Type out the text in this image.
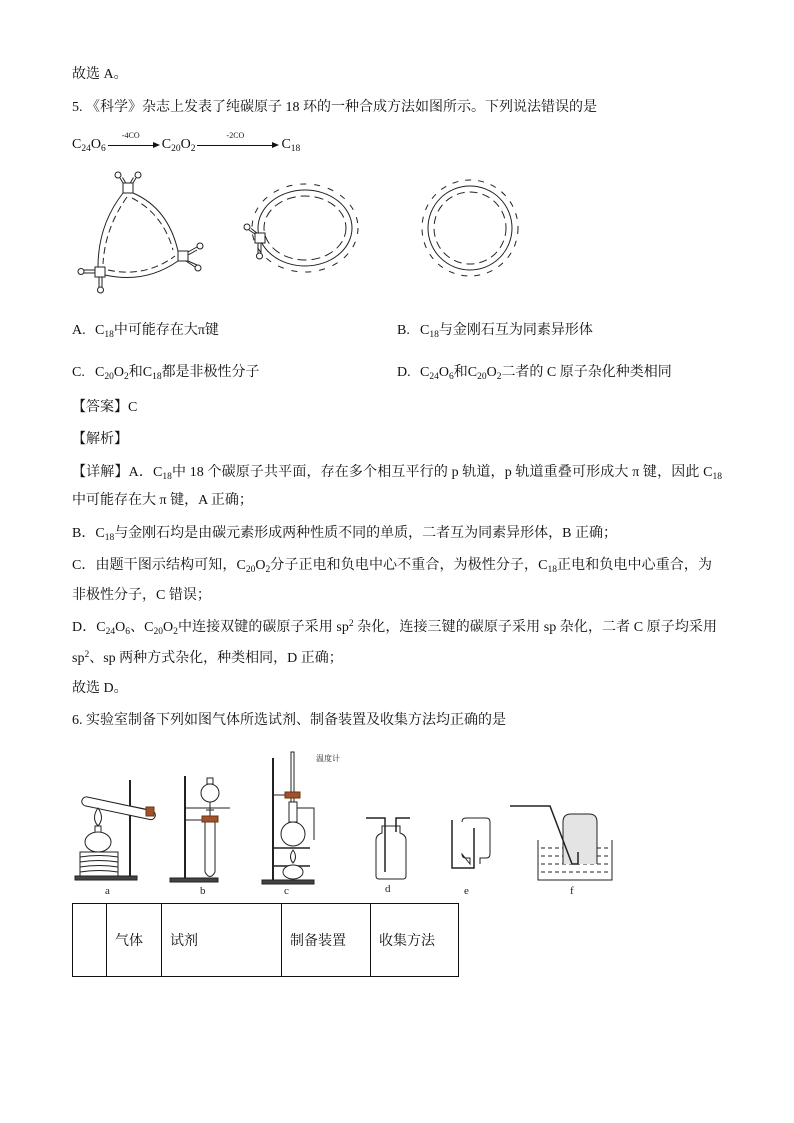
故选 A。
5. 《科学》杂志上发表了纯碳原子 18 环的一种合成方法如图所示。下列说法错误的是
$C_{24}O_6$
-4CO
$C_{20}O_2$
-2CO
$C_{18}$
A. $C_{18}$中可能存在大π键	B. $C_{18}$与金刚石互为同素异形体
C. $C_{20}O_2$和$C_{18}$都是非极性分子	D. $C_{24}O_6$和$C_{20}O_2$二者的 C 原子杂化种类相同
【答案】C
【解析】
【详解】A．$C_{18}$中 18 个碳原子共平面，存在多个相互平行的 p 轨道，p 轨道重叠可形成大 π 键，因此 $C_{18}$
中可能存在大 π 键，A 正确；
B．$C_{18}$与金刚石均是由碳元素形成两种性质不同的单质，二者互为同素异形体，B 正确；
C．由题干图示结构可知，$C_{20}O_2$分子正电和负电中心不重合，为极性分子，$C_{18}$正电和负电中心重合，为
非极性分子，C 错误；
D．$C_{24}O_6$、$C_{20}O_2$中连接双键的碳原子采用 $sp^2$ 杂化，连接三键的碳原子采用 sp 杂化，二者 C 原子均采用
$sp^2$、sp 两种方式杂化，种类相同，D 正确；
故选 D。
6. 实验室制备下列如图气体所选试剂、制备装置及收集方法均正确的是
温度计
a	b	c	d	e	f
	气体	试剂	制备装置	收集方法
